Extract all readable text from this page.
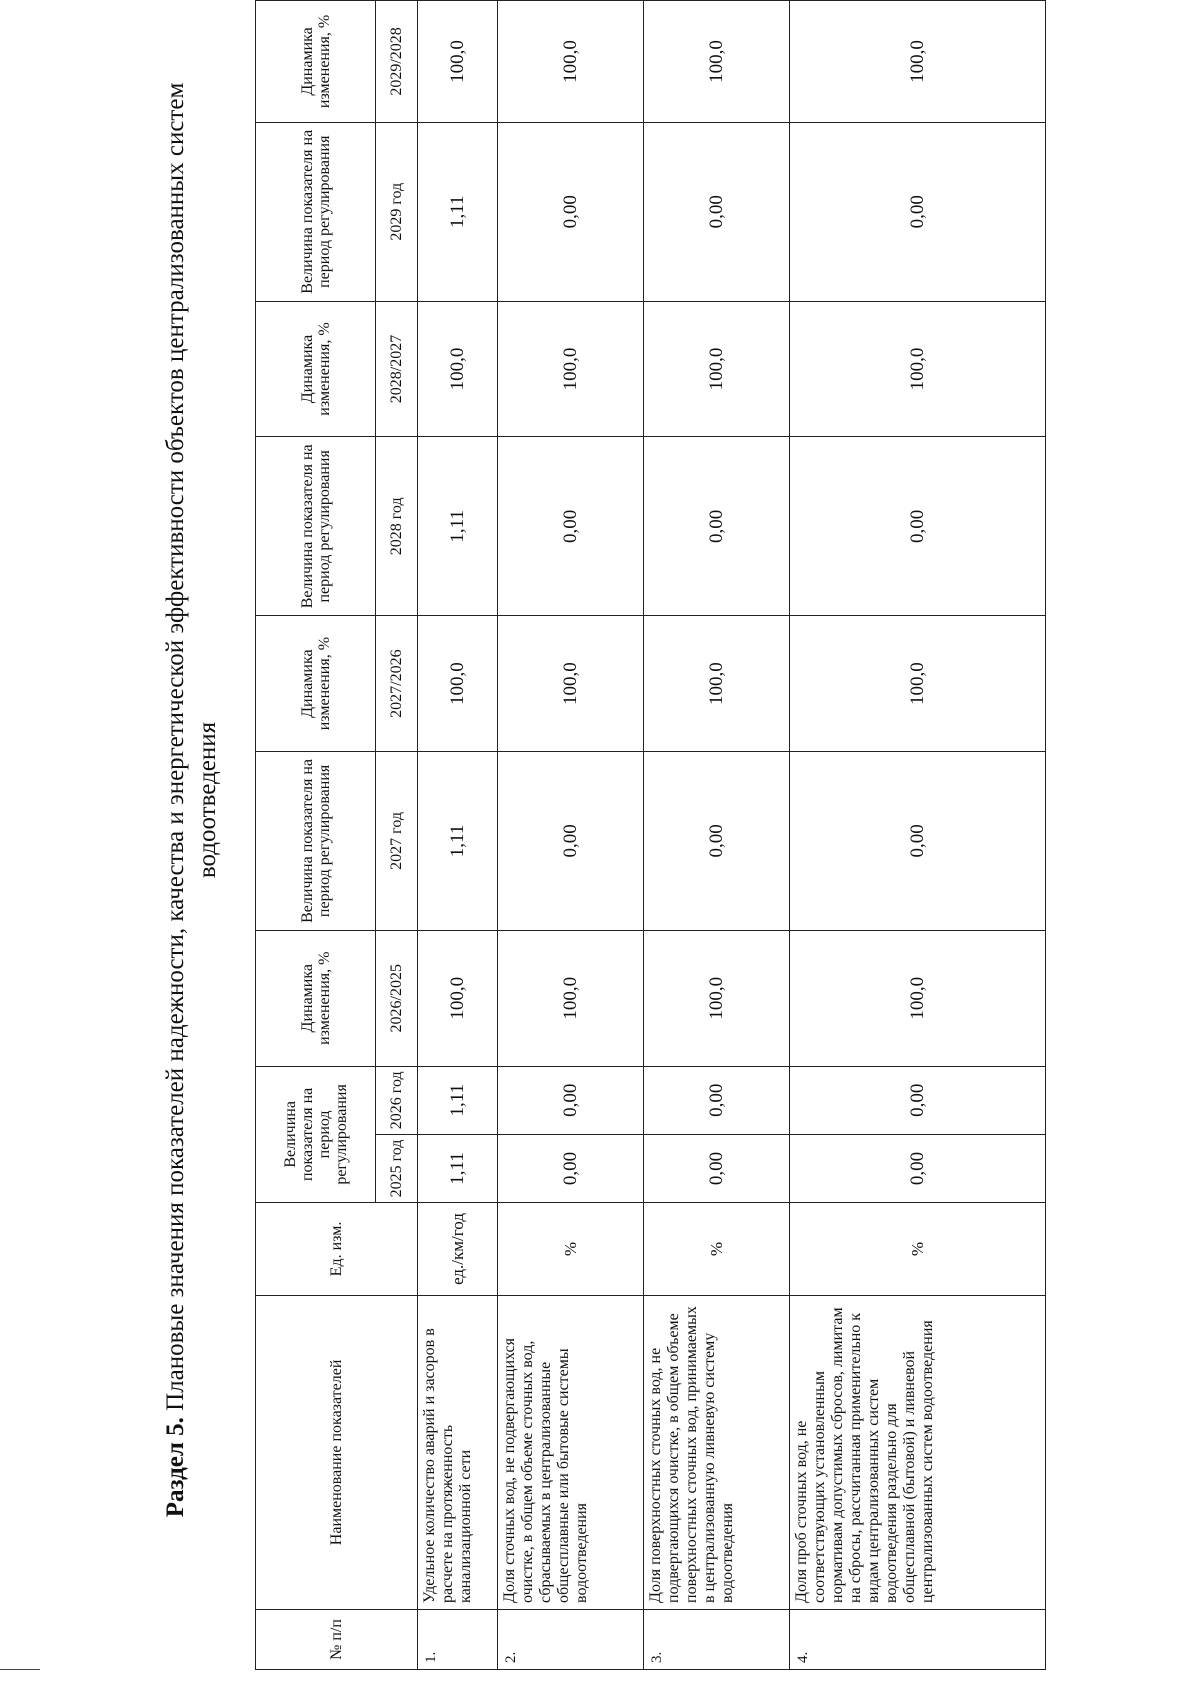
Раздел 5. Плановые значения показателей надежности, качества и энергетической эффективности объектов централизованных систем водоотведения
№ п/п	Наименование показателей	Ед. изм.	Величина показателя на период регулирования		Динамика изменения, %	Величина показателя на период регулирования	Динамика изменения, %	Величина показателя на период регулирования	Динамика изменения, %	Величина показателя на период регулирования	Динамика изменения, %
			2025 год	2026 год	2026/2025	2027 год	2027/2026	2028 год	2028/2027	2029 год	2029/2028
1.	Удельное количество аварий и засоров в расчете на протяженность канализационной сети	ед./км/год	1,11	1,11	100,0	1,11	100,0	1,11	100,0	1,11	100,0
2.	Доля сточных вод, не подвергающихся очистке, в общем объеме сточных вод, сбрасываемых в централизованные общесплавные или бытовые системы водоотведения	%	0,00	0,00	100,0	0,00	100,0	0,00	100,0	0,00	100,0
3.	Доля поверхностных сточных вод, не подвергающихся очистке, в общем объеме поверхностных сточных вод, принимаемых в централизованную ливневую систему водоотведения	%	0,00	0,00	100,0	0,00	100,0	0,00	100,0	0,00	100,0
4.	Доля проб сточных вод, не соответствующих установленным нормативам допустимых сбросов, лимитам на сбросы, рассчитанная применительно к видам централизованных систем водоотведения раздельно для общесплавной (бытовой) и ливневой централизованных систем водоотведения	%	0,00	0,00	100,0	0,00	100,0	0,00	100,0	0,00	100,0
